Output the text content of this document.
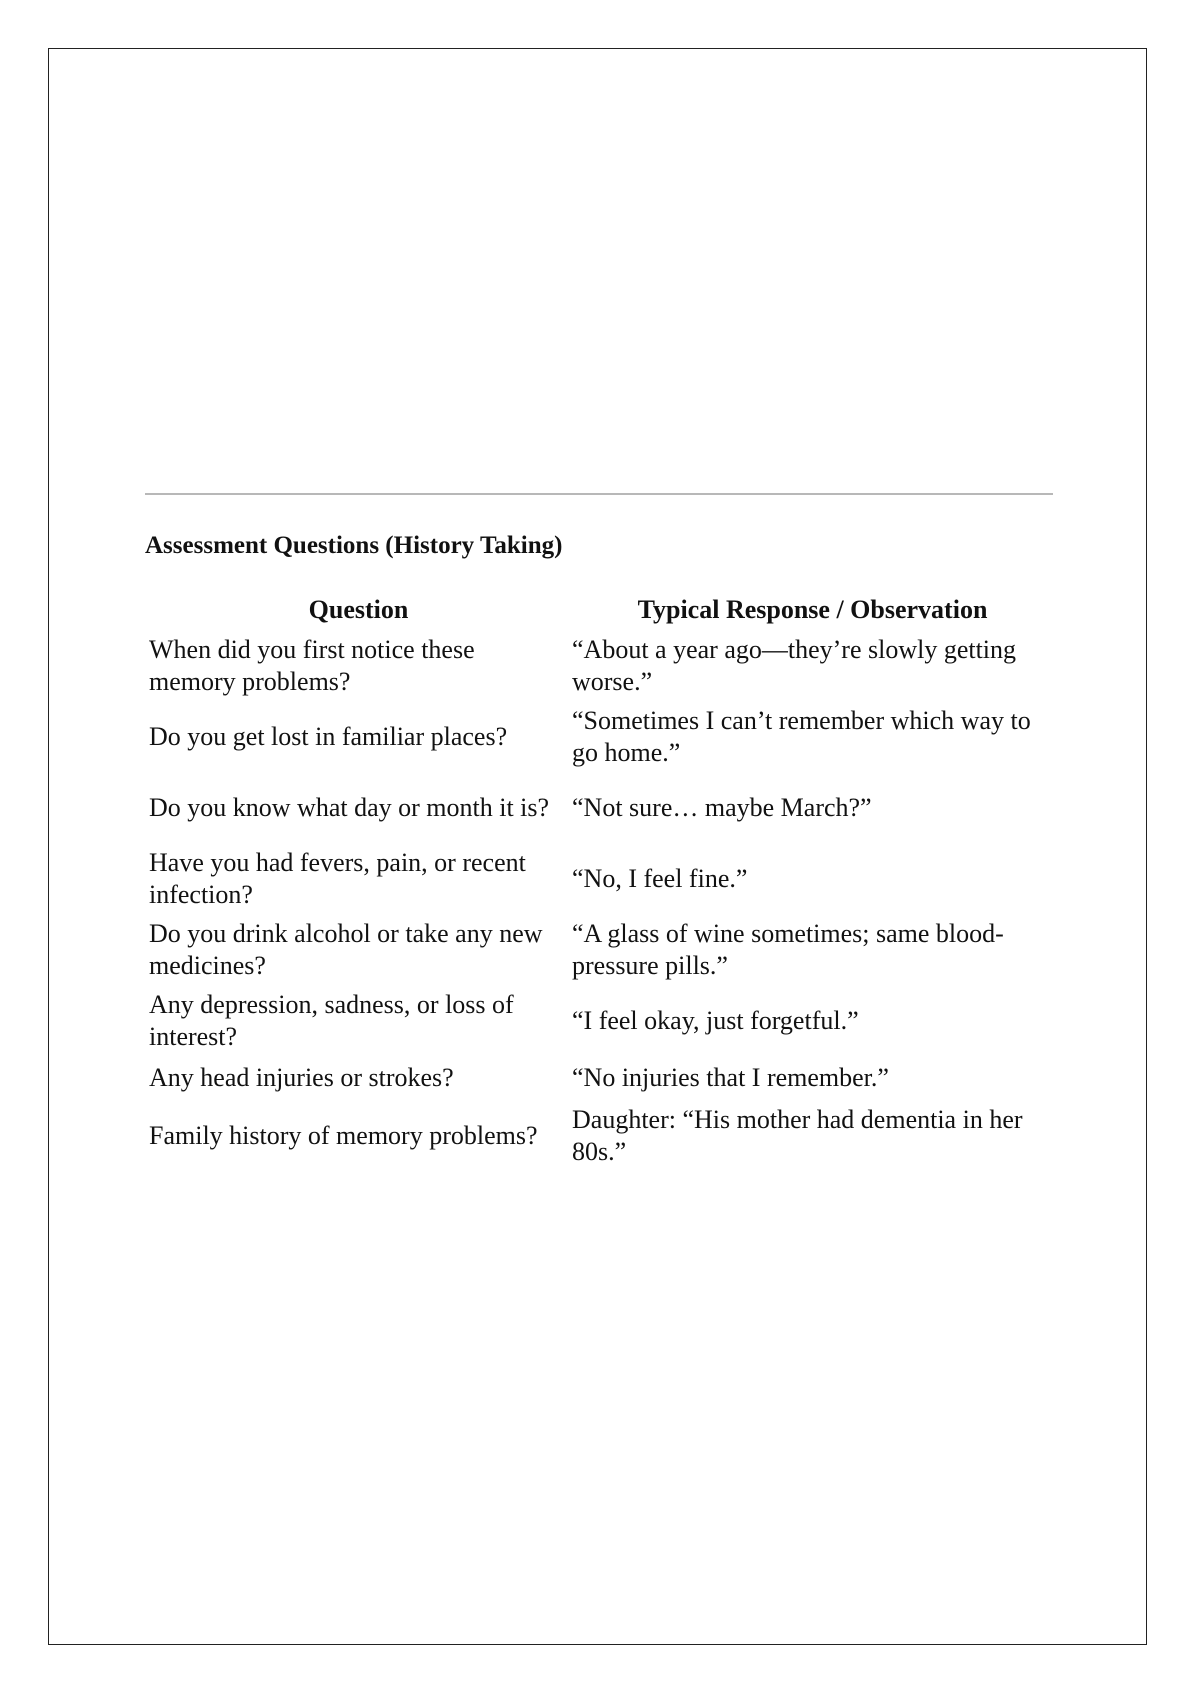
Assessment Questions (History Taking)
Question	Typical Response / Observation
When did you first notice these memory problems?	“About a year ago—they’re slowly getting worse.”
Do you get lost in familiar places?	“Sometimes I can’t remember which way to go home.”
Do you know what day or month it is?	“Not sure… maybe March?”
Have you had fevers, pain, or recent infection?	“No, I feel fine.”
Do you drink alcohol or take any new medicines?	“A glass of wine sometimes; same blood-pressure pills.”
Any depression, sadness, or loss of interest?	“I feel okay, just forgetful.”
Any head injuries or strokes?	“No injuries that I remember.”
Family history of memory problems?	Daughter: “His mother had dementia in her 80s.”
